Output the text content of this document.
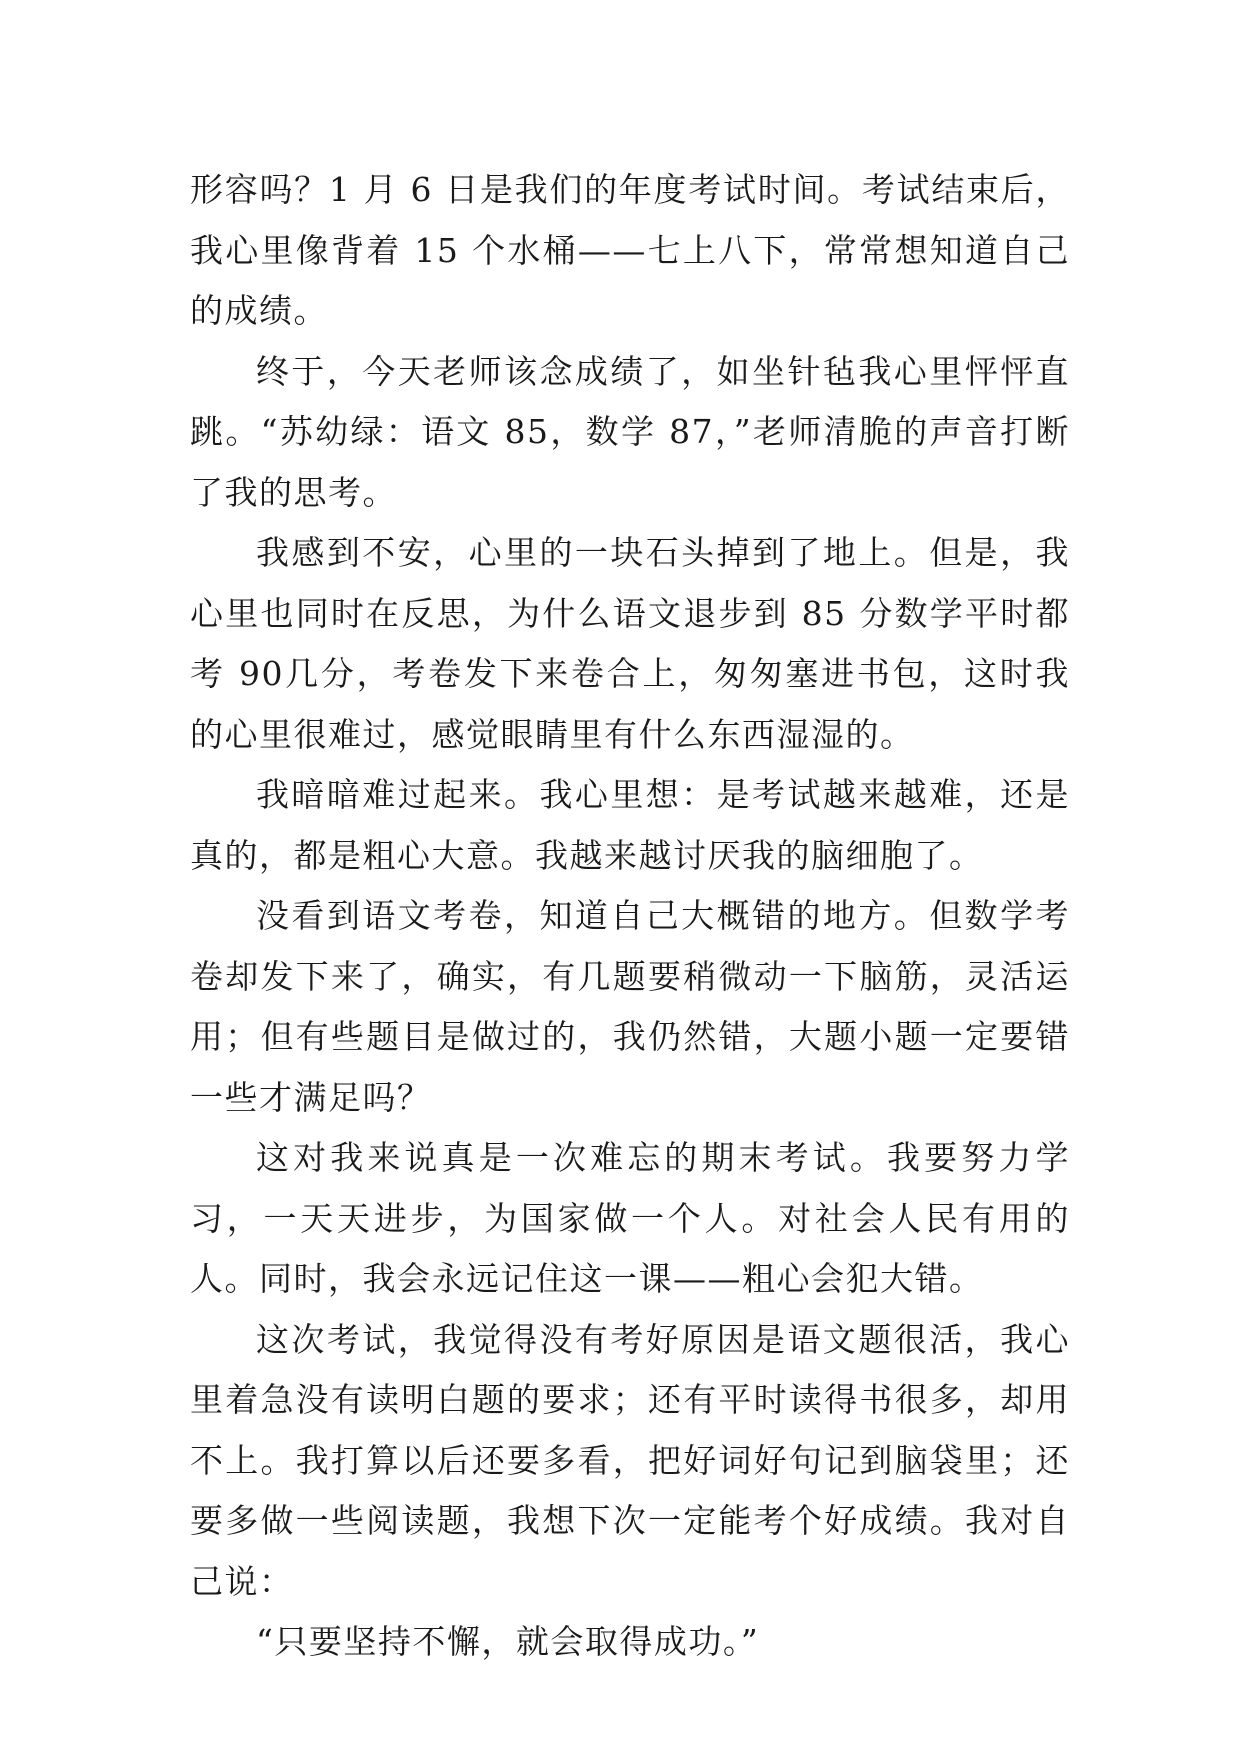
形容吗？1 月 6 日是我们的年度考试时间。考试结束后，我心里像背着 15 个水桶——七上八下，常常想知道自己的成绩。

终于，今天老师该念成绩了，如坐针毡我心里怦怦直跳。“苏幼绿：语文 85，数学 87，”老师清脆的声音打断了我的思考。

我感到不安，心里的一块石头掉到了地上。但是，我心里也同时在反思，为什么语文退步到 85 分数学平时都考 90几分，考卷发下来卷合上，匆匆塞进书包，这时我的心里很难过，感觉眼睛里有什么东西湿湿的。

我暗暗难过起来。我心里想：是考试越来越难，还是真的，都是粗心大意。我越来越讨厌我的脑细胞了。

没看到语文考卷，知道自己大概错的地方。但数学考卷却发下来了，确实，有几题要稍微动一下脑筋，灵活运用；但有些题目是做过的，我仍然错，大题小题一定要错一些才满足吗？

这对我来说真是一次难忘的期末考试。我要努力学习，一天天进步，为国家做一个人。对社会人民有用的人。同时，我会永远记住这一课——粗心会犯大错。

这次考试，我觉得没有考好原因是语文题很活，我心里着急没有读明白题的要求；还有平时读得书很多，却用不上。我打算以后还要多看，把好词好句记到脑袋里；还要多做一些阅读题，我想下次一定能考个好成绩。我对自己说：

“只要坚持不懈，就会取得成功。”
